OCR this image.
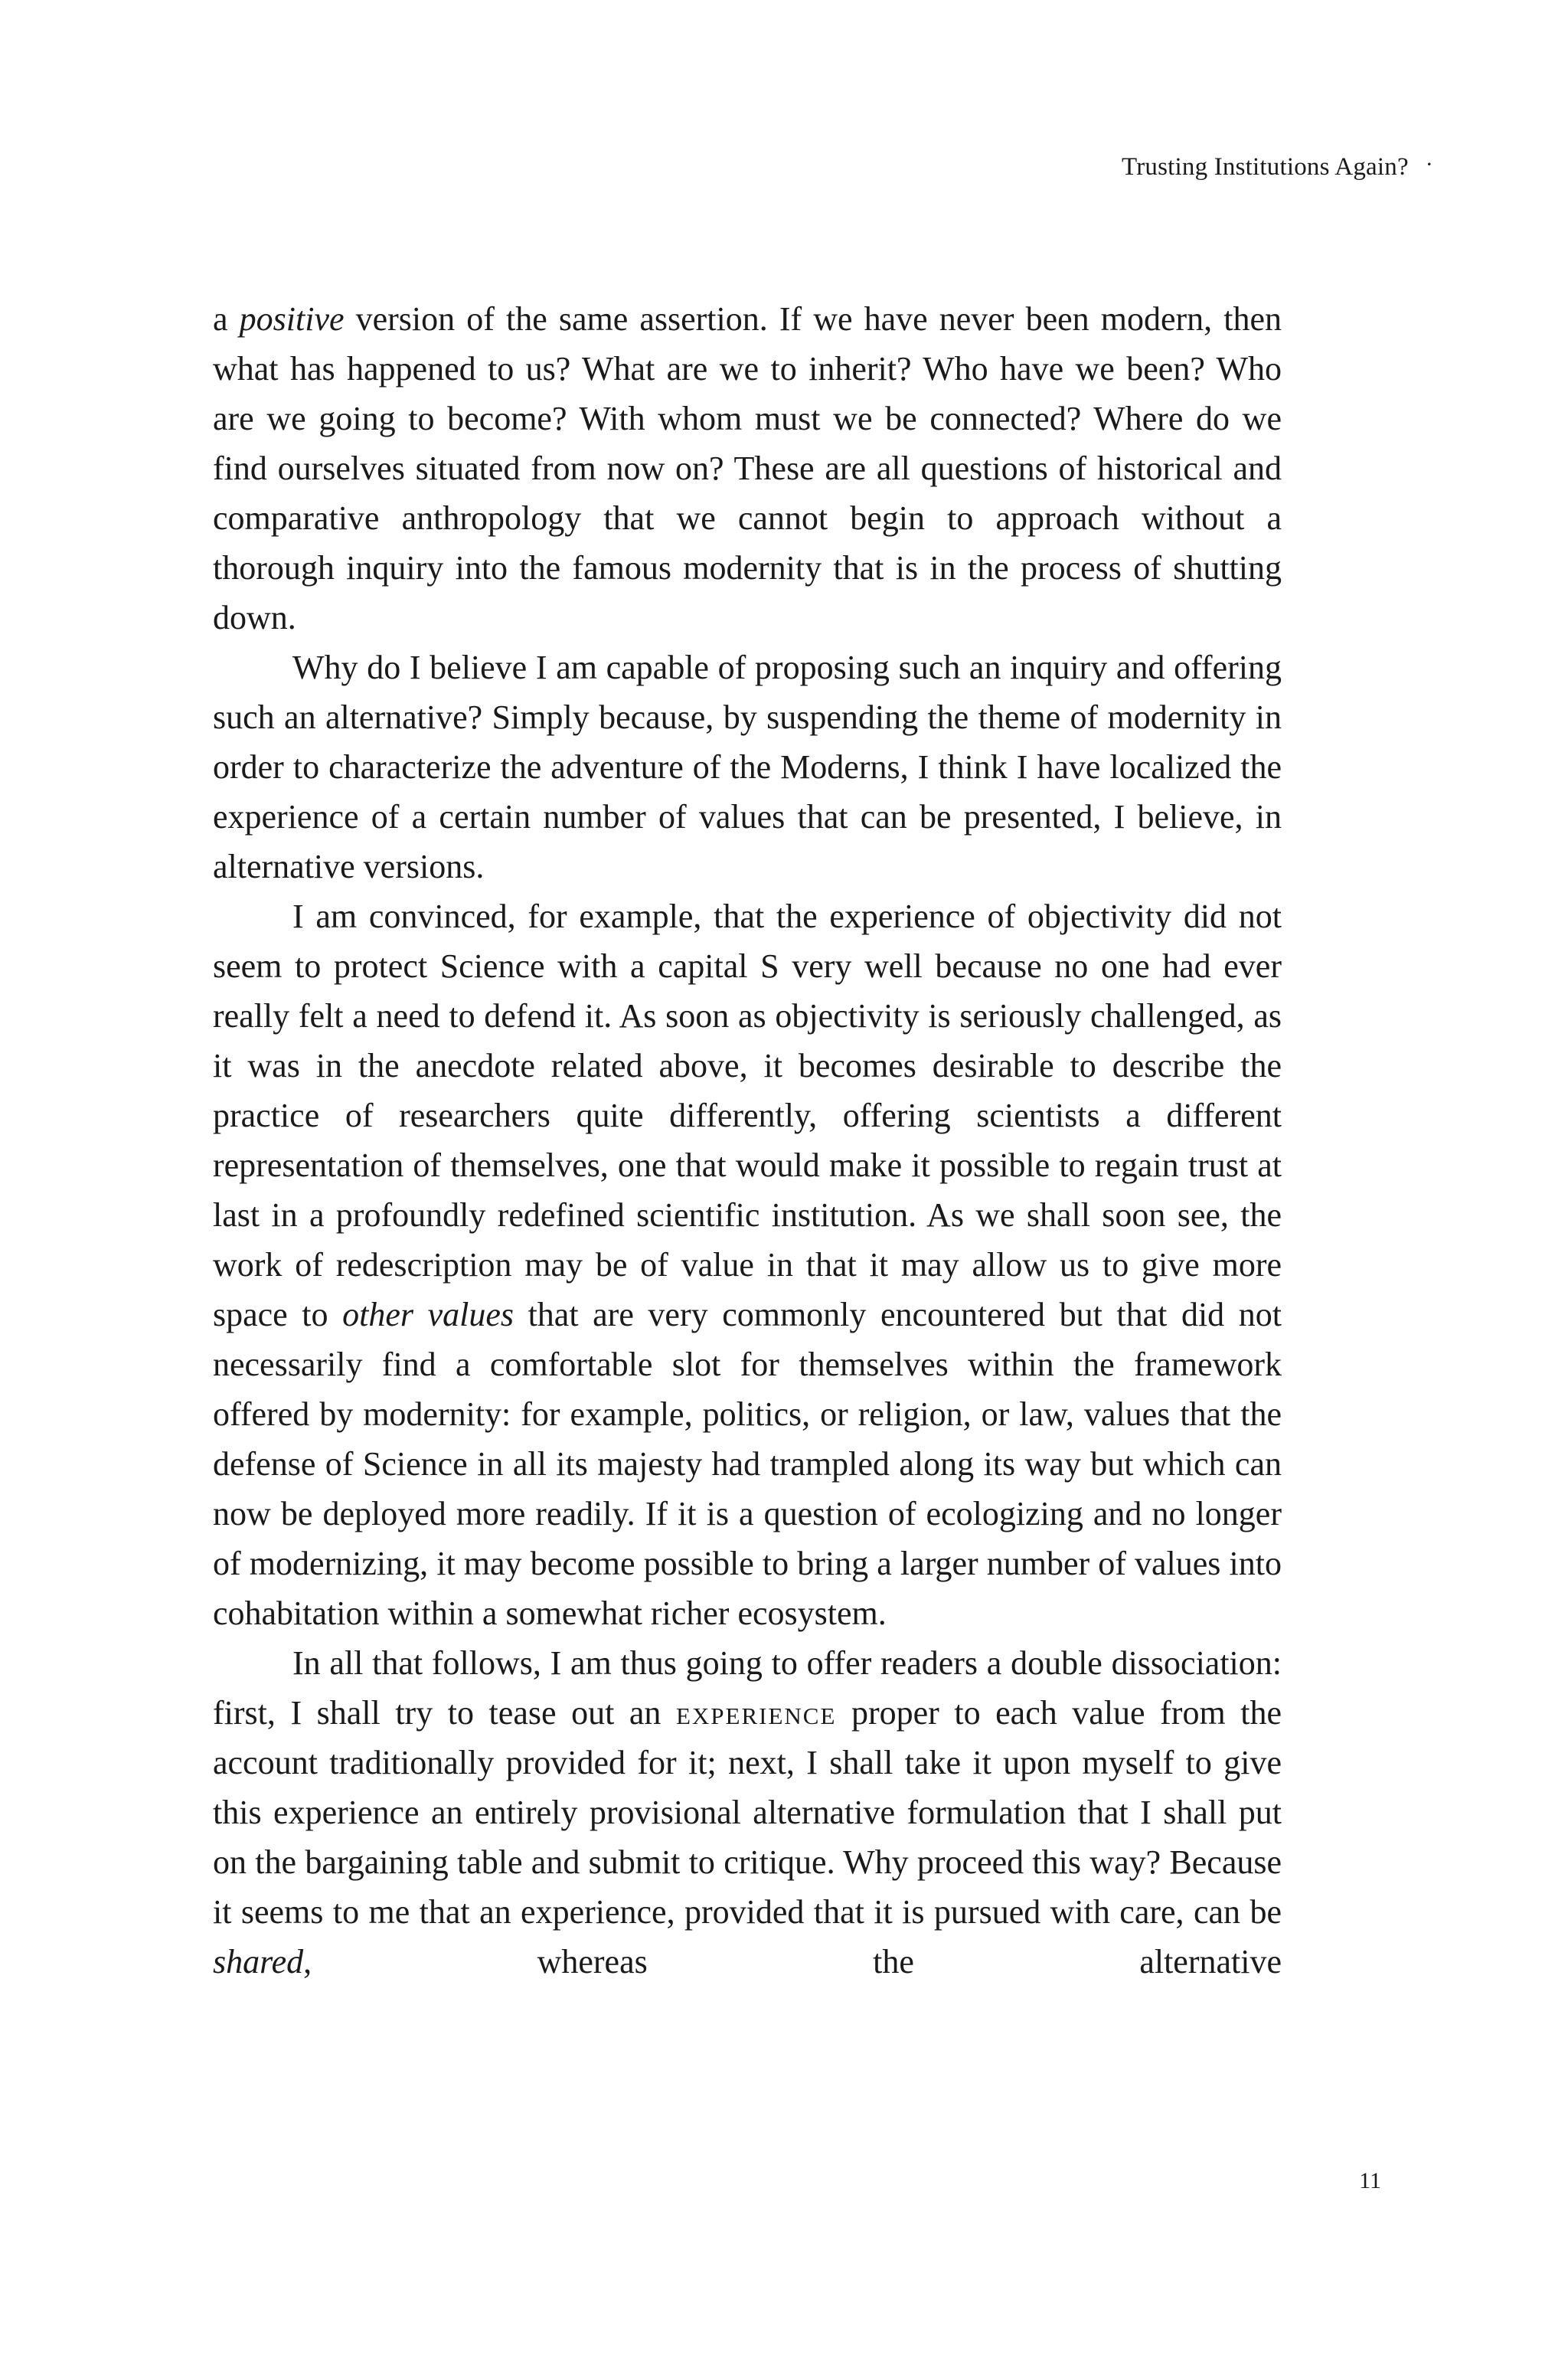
Trusting Institutions Again? ·

a positive version of the same assertion. If we have never been modern, then what has happened to us? What are we to inherit? Who have we been? Who are we going to become? With whom must we be connected? Where do we find ourselves situated from now on? These are all questions of historical and comparative anthropology that we cannot begin to approach without a thorough inquiry into the famous modernity that is in the process of shutting down.

Why do I believe I am capable of proposing such an inquiry and offering such an alternative? Simply because, by suspending the theme of modernity in order to characterize the adventure of the Moderns, I think I have localized the experience of a certain number of values that can be presented, I believe, in alternative versions.

I am convinced, for example, that the experience of objectivity did not seem to protect Science with a capital S very well because no one had ever really felt a need to defend it. As soon as objectivity is seriously challenged, as it was in the anecdote related above, it becomes desirable to describe the practice of researchers quite differently, offering scientists a different representation of themselves, one that would make it possible to regain trust at last in a profoundly redefined scientific institution. As we shall soon see, the work of redescription may be of value in that it may allow us to give more space to other values that are very commonly encountered but that did not necessarily find a comfortable slot for themselves within the framework offered by modernity: for example, politics, or religion, or law, values that the defense of Science in all its majesty had trampled along its way but which can now be deployed more readily. If it is a question of ecologizing and no longer of modernizing, it may become possible to bring a larger number of values into cohabitation within a somewhat richer ecosystem.

In all that follows, I am thus going to offer readers a double dissociation: first, I shall try to tease out an experience proper to each value from the account traditionally provided for it; next, I shall take it upon myself to give this experience an entirely provisional alternative formulation that I shall put on the bargaining table and submit to critique. Why proceed this way? Because it seems to me that an experience, provided that it is pursued with care, can be shared, whereas the alternative

11
